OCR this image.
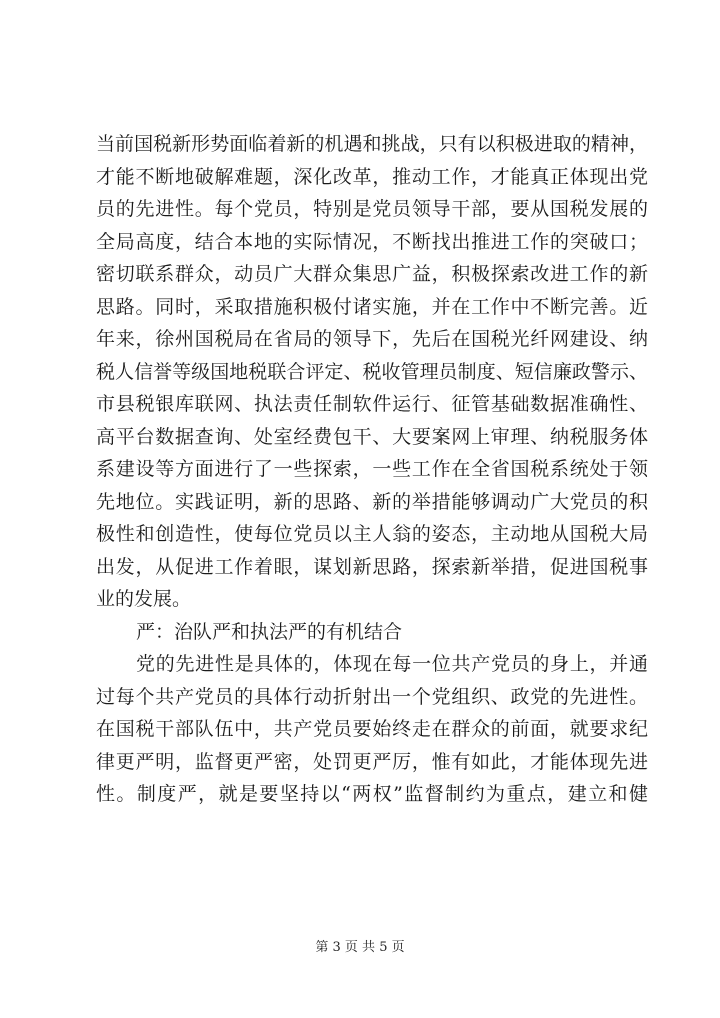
当前国税新形势面临着新的机遇和挑战，只有以积极进取的精神，
才能不断地破解难题，深化改革，推动工作，才能真正体现出党
员的先进性。每个党员，特别是党员领导干部，要从国税发展的
全局高度，结合本地的实际情况，不断找出推进工作的突破口；
密切联系群众，动员广大群众集思广益，积极探索改进工作的新
思路。同时，采取措施积极付诸实施，并在工作中不断完善。近
年来，徐州国税局在省局的领导下，先后在国税光纤网建设、纳
税人信誉等级国地税联合评定、税收管理员制度、短信廉政警示、
市县税银库联网、执法责任制软件运行、征管基础数据准确性、
高平台数据查询、处室经费包干、大要案网上审理、纳税服务体
系建设等方面进行了一些探索，一些工作在全省国税系统处于领
先地位。实践证明，新的思路、新的举措能够调动广大党员的积
极性和创造性，使每位党员以主人翁的姿态，主动地从国税大局
出发，从促进工作着眼，谋划新思路，探索新举措，促进国税事
业的发展。
严：治队严和执法严的有机结合
党的先进性是具体的，体现在每一位共产党员的身上，并通
过每个共产党员的具体行动折射出一个党组织、政党的先进性。
在国税干部队伍中，共产党员要始终走在群众的前面，就要求纪
律更严明，监督更严密，处罚更严厉，惟有如此，才能体现先进
性。制度严，就是要坚持以“两权”监督制约为重点，建立和健
第 3 页 共 5 页
